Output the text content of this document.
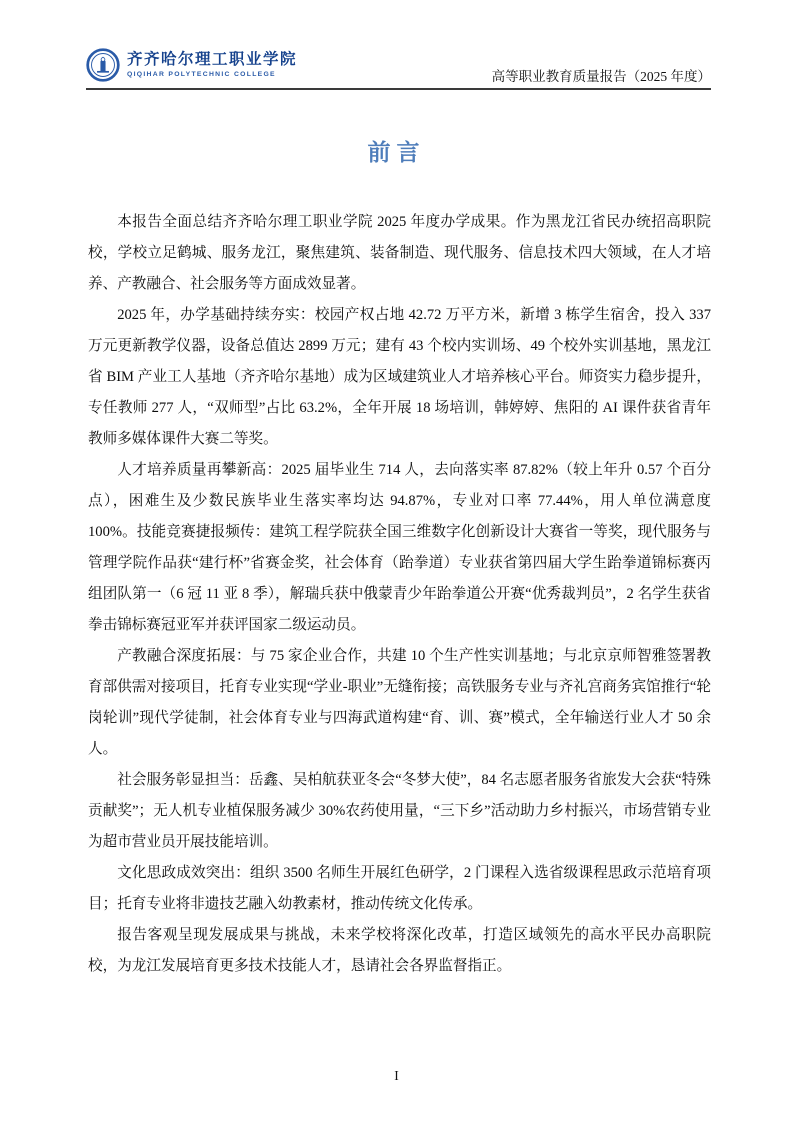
齐齐哈尔理工职业学院
QIQIHAR POLYTECHNIC COLLEGE	高等职业教育质量报告（2025 年度）
前言

本报告全面总结齐齐哈尔理工职业学院 2025 年度办学成果。作为黑龙江省民办统招高职院校，学校立足鹤城、服务龙江，聚焦建筑、装备制造、现代服务、信息技术四大领域，在人才培养、产教融合、社会服务等方面成效显著。

2025 年，办学基础持续夯实：校园产权占地 42.72 万平方米，新增 3 栋学生宿舍，投入 337 万元更新教学仪器，设备总值达 2899 万元；建有 43 个校内实训场、49 个校外实训基地，黑龙江省 BIM 产业工人基地（齐齐哈尔基地）成为区域建筑业人才培养核心平台。师资实力稳步提升，专任教师 277 人，“双师型”占比 63.2%，全年开展 18 场培训，韩婷婷、焦阳的 AI 课件获省青年教师多媒体课件大赛二等奖。

人才培养质量再攀新高：2025 届毕业生 714 人，去向落实率 87.82%（较上年升 0.57 个百分点），困难生及少数民族毕业生落实率均达 94.87%，专业对口率 77.44%，用人单位满意度 100%。技能竞赛捷报频传：建筑工程学院获全国三维数字化创新设计大赛省一等奖，现代服务与管理学院作品获“建行杯”省赛金奖，社会体育（跆拳道）专业获省第四届大学生跆拳道锦标赛丙组团队第一（6 冠 11 亚 8 季），解瑞兵获中俄蒙青少年跆拳道公开赛“优秀裁判员”，2 名学生获省拳击锦标赛冠亚军并获评国家二级运动员。

产教融合深度拓展：与 75 家企业合作，共建 10 个生产性实训基地；与北京京师智雅签署教育部供需对接项目，托育专业实现“学业-职业”无缝衔接；高铁服务专业与齐礼宫商务宾馆推行“轮岗轮训”现代学徒制，社会体育专业与四海武道构建“育、训、赛”模式，全年输送行业人才 50 余人。

社会服务彰显担当：岳鑫、吴柏航获亚冬会“冬梦大使”，84 名志愿者服务省旅发大会获“特殊贡献奖”；无人机专业植保服务减少 30%农药使用量，“三下乡”活动助力乡村振兴，市场营销专业为超市营业员开展技能培训。

文化思政成效突出：组织 3500 名师生开展红色研学，2 门课程入选省级课程思政示范培育项目；托育专业将非遗技艺融入幼教素材，推动传统文化传承。

报告客观呈现发展成果与挑战，未来学校将深化改革，打造区域领先的高水平民办高职院校，为龙江发展培育更多技术技能人才，恳请社会各界监督指正。

I
